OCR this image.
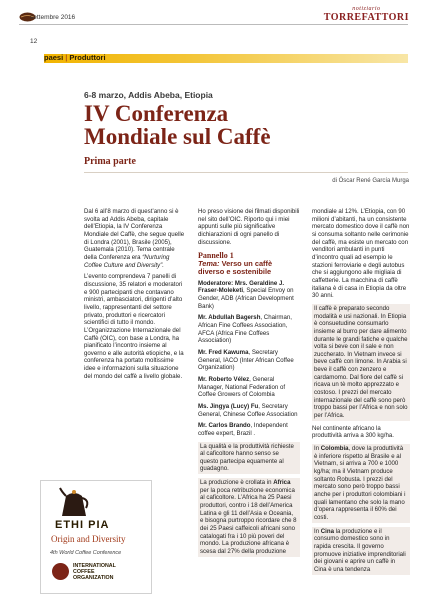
settembre 2016
12
notiziario
TORREFATTORI
paesi | Produttori
6-8 marzo, Addis Abeba, Etiopia
IV Conferenza
Mondiale sul Caffè
Prima parte
di Óscar René García Murga

Dal 6 all’8 marzo di quest’anno si è svolta ad Addis Abeba, capitale dell’Etiopia, la IV Conferenza Mondiale del Caffè, che segue quelle di Londra (2001), Brasile (2005), Guatemala (2010). Tema centrale della Conferenza era “Nurturing Coffee Culture and Diversity”.

L’evento comprendeva 7 panelli di discussione, 35 relatori e moderatori e 900 partecipanti che contavano ministri, ambasciatori, dirigenti d’alto livello, rappresentanti del settore privato, produttori e ricercatori scientifici di tutto il mondo. L’Organizzazione Internazionale del Caffè (OIC), con base a Londra, ha pianificato l’incontro insieme al governo e alle autorità etiopiche, e la conferenza ha portato moltissime idee e informazioni sulla situazione del mondo del caffè a livello globale.

Ho preso visione dei filmati disponibili nel sito dell’OIC. Riporto qui i miei appunti sulle più significative dichiarazioni di ogni panello di discussione.

Pannello 1
Tema: Verso un caffè diverso e sostenibile

Moderatore: Mrs. Geraldine J. Fraser-Moleketi, Special Envoy on Gender, ADB (African Development Bank)

Mr. Abdullah Bagersh, Chairman, African Fine Coffees Association, AFCA (Africa Fine Coffees Association)

Mr. Fred Kawuma, Secretary General, IACO (Inter African Coffee Organization)

Mr. Roberto Vélez, General Manager, National Federation of Coffee Growers of Colombia

Ms. Jingya (Lucy) Fu, Secretary General, Chinese Coffee Association

Mr. Carlos Brando, Independent coffee expert, Brazil .

La qualità e la produttività richieste al caficoltore hanno senso se questo partecipa equamente al guadagno.

La produzione è crollata in Africa per la poca retribuzione economica al caficoltore. L’Africa ha 25 Paesi produttori, contro i 18 dell’America Latina e gli 11 dell’Asia e Oceania, e bisogna purtroppo ricordare che 8 dei 25 Paesi caffeicoli africani sono catalogati fra i 10 più poveri del mondo. La produzione africana è scesa dal 27% della produzione

mondiale al 12%. L’Etiopia, con 90 milioni d’abitanti, ha un consistente mercato domestico dove il caffè non si consuma soltanto nelle cerimonie del caffè, ma esiste un mercato con venditori ambulanti in punti d’incontro quali ad esempio le stazioni ferroviarie e degli autobus che si aggiungono alle migliaia di caffetterie. La macchina di caffè italiana è di casa in Etiopia da oltre 30 anni.

Il caffè è preparato secondo modalità e usi nazionali. In Etiopia è consuetudine consumarlo insieme al burro per dare alimento durante le grandi fatiche e qualche volta si beve con il sale e non zuccherato. In Vietnam invece si beve caffè con limone. In Arabia si beve il caffè con zenzero e cardamomo. Dal fiore del caffè si ricava un tè molto apprezzato e costoso. I prezzi del mercato internazionale del caffè sono però troppo bassi per l’Africa e non solo per l’Africa.

Nel continente africano la produttività arriva a 300 kg/ha.

In Colombia, dove la produttività è inferiore rispetto al Brasile e al Vietnam, si arriva a 700 e 1000 kg/ha; ma il Vietnam produce soltanto Robusta. I prezzi del mercato sono però troppo bassi anche per i produttori colombiani i quali lamentano che solo la mano d’opera rappresenta il 60% dei costi.

In Cina la produzione e il consumo domestico sono in rapida crescita. Il governo promuove iniziative imprenditoriali dei giovani e aprire un caffè in Cina è una tendenza

ETHI PIA
Origin and Diversity
4th World Coffee Conference
INTERNATIONAL
COFFEE
ORGANIZATION
